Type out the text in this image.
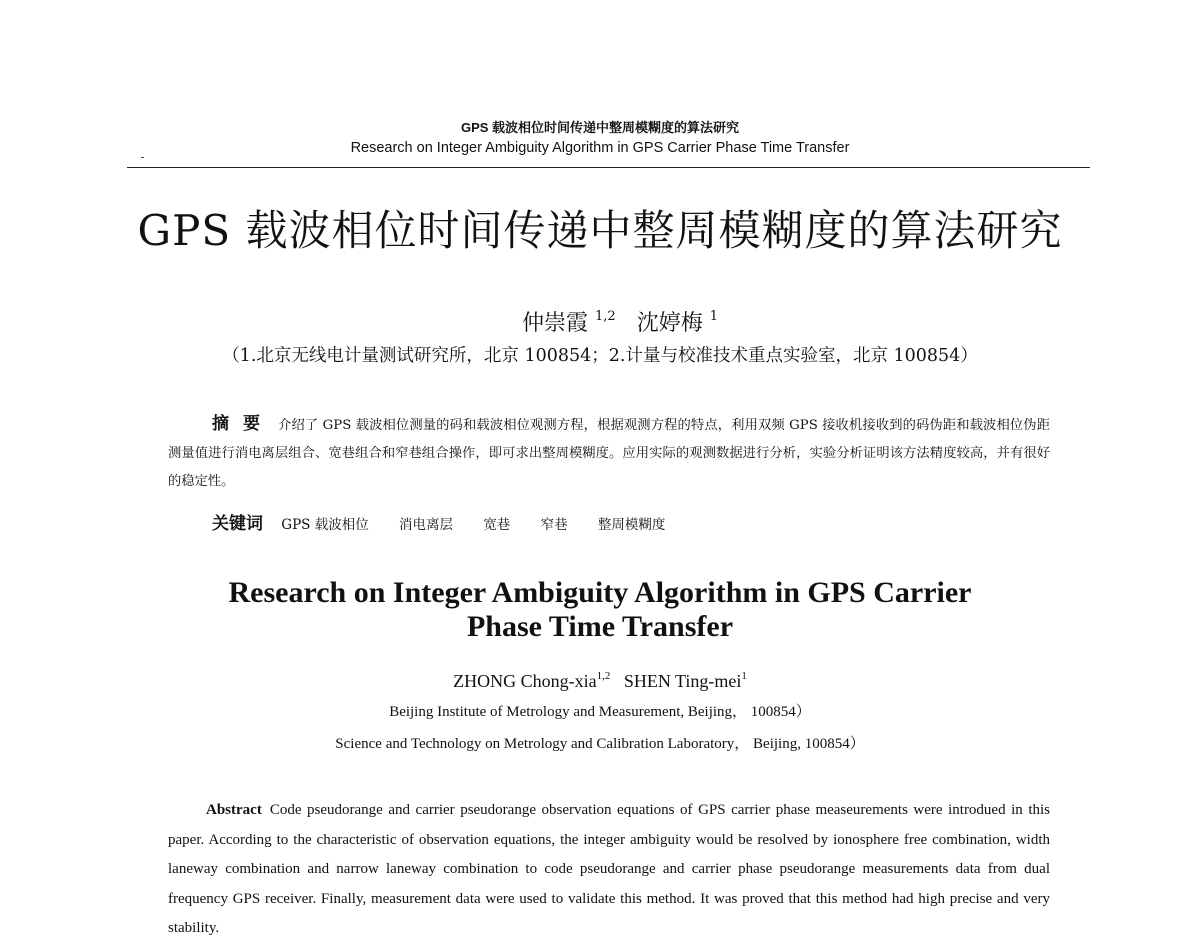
GPS 载波相位时间传递中整周模糊度的算法研究
Research on Integer Ambiguity Algorithm in GPS Carrier Phase Time Transfer
GPS 载波相位时间传递中整周模糊度的算法研究
仲崇霞 $^{1,2}$ 沈婷梅 $^1$
（1.北京无线电计量测试研究所，北京 100854；2.计量与校准技术重点实验室，北京 100854）
摘要 介绍了 GPS 载波相位测量的码和载波相位观测方程，根据观测方程的特点，利用双频 GPS 接收机接收到的码伪距和载波相位伪距测量值进行消电离层组合、宽巷组合和窄巷组合操作，即可求出整周模糊度。应用实际的观测数据进行分析，实验分析证明该方法精度较高，并有很好的稳定性。
关键词 GPS 载波相位 消电离层 宽巷 窄巷 整周模糊度
Research on Integer Ambiguity Algorithm in GPS Carrier
Phase Time Transfer
ZHONG Chong-xia$^{1,2}$ SHEN Ting-mei$^1$
Beijing Institute of Metrology and Measurement, Beijing， 100854）
Science and Technology on Metrology and Calibration Laboratory， Beijing, 100854）
Abstract Code pseudorange and carrier pseudorange observation equations of GPS carrier phase measeurements were introdued in this paper. According to the characteristic of observation equations, the integer ambiguity would be resolved by ionosphere free combination, width laneway combination and narrow laneway combination to code pseudorange and carrier phase pseudorange measurements data from dual frequency GPS receiver. Finally, measurement data were used to validate this method. It was proved that this method had high precise and very stability.
